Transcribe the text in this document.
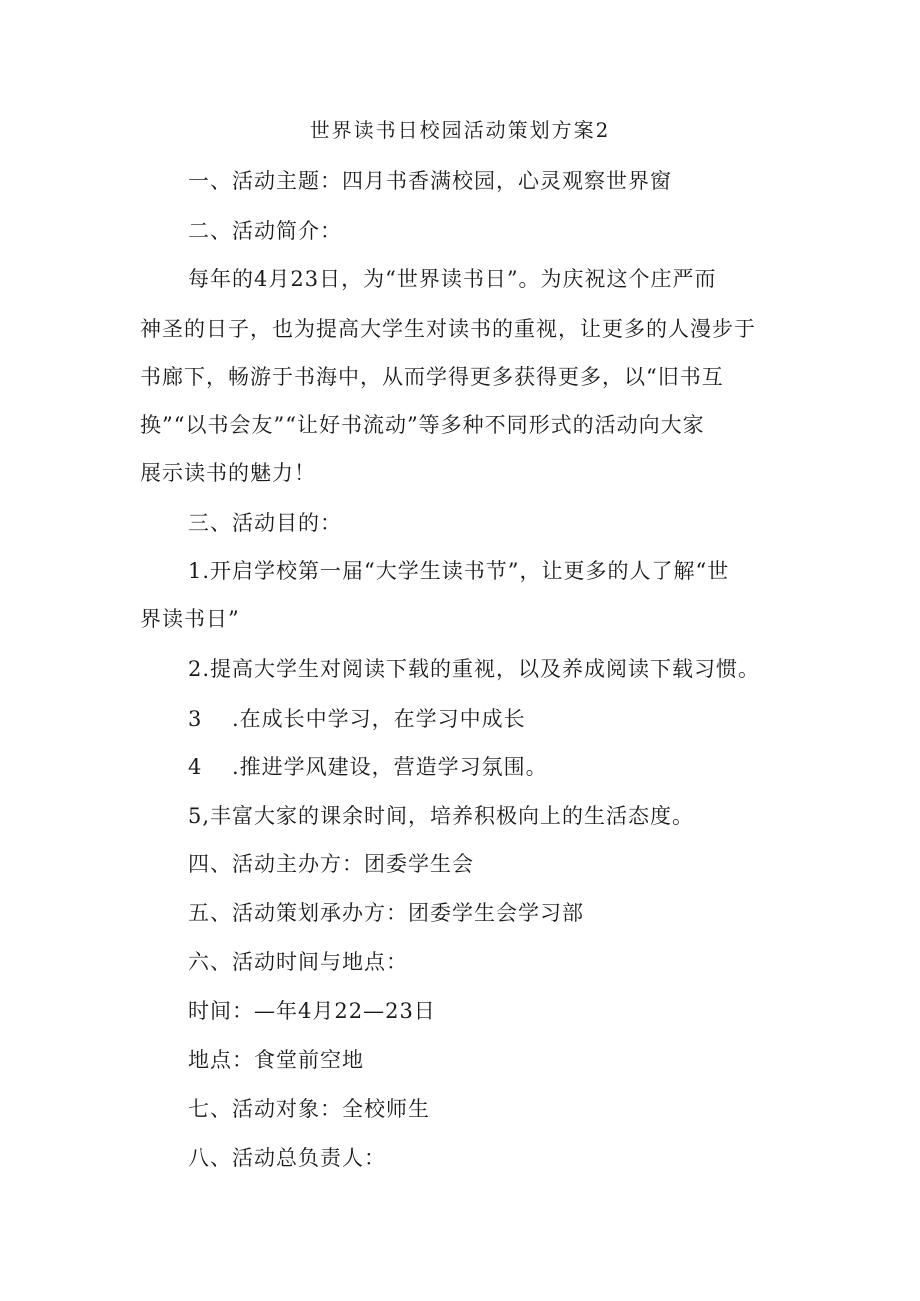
世界读书日校园活动策划方案2
一、活动主题：四月书香满校园，心灵观察世界窗
二、活动简介：
每年的4月23日，为“世界读书日”。为庆祝这个庄严而
神圣的日子，也为提高大学生对读书的重视，让更多的人漫步于
书廊下，畅游于书海中，从而学得更多获得更多，以“旧书互
换”“以书会友”“让好书流动”等多种不同形式的活动向大家
展示读书的魅力！
三、活动目的：
1.开启学校第一届“大学生读书节”，让更多的人了解“世
界读书日”
2.提高大学生对阅读下载的重视，以及养成阅读下载习惯。
3 .在成长中学习，在学习中成长
4 .推进学风建设，营造学习氛围。
5,丰富大家的课余时间，培养积极向上的生活态度。
四、活动主办方：团委学生会
五、活动策划承办方：团委学生会学习部
六、活动时间与地点：
时间：—年4月22—23日
地点：食堂前空地
七、活动对象：全校师生
八、活动总负责人：
